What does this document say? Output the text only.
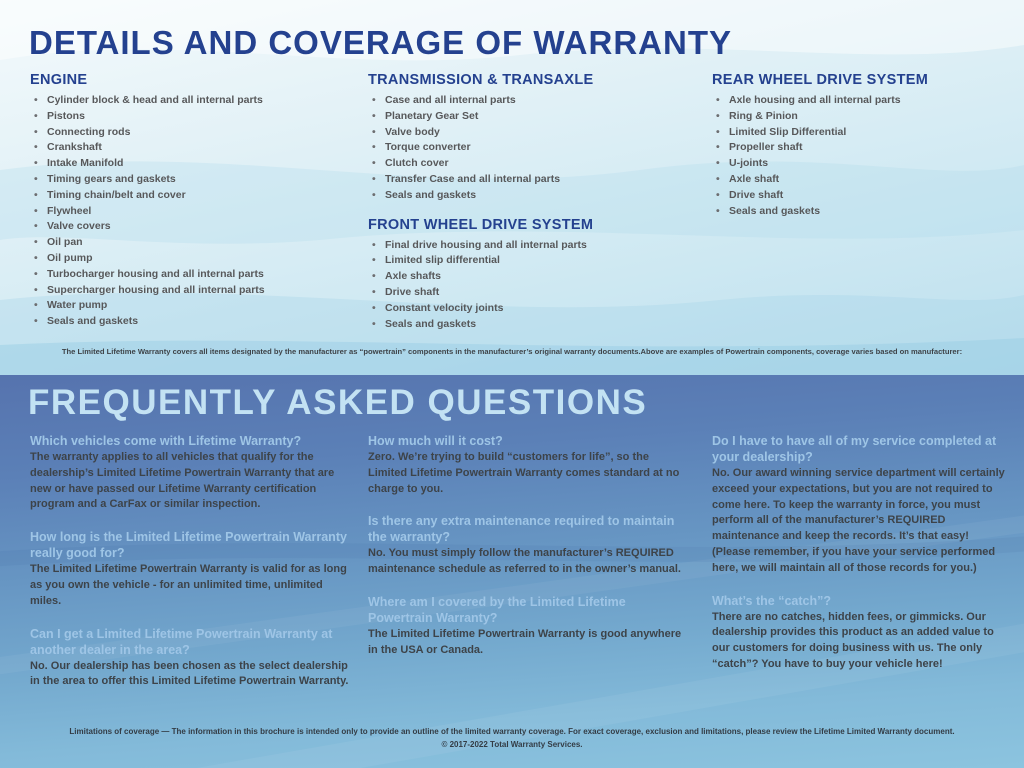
DETAILS AND COVERAGE OF WARRANTY
ENGINE
• Cylinder block & head and all internal parts
• Pistons
• Connecting rods
• Crankshaft
• Intake Manifold
• Timing gears and gaskets
• Timing chain/belt and cover
• Flywheel
• Valve covers
• Oil pan
• Oil pump
• Turbocharger housing and all internal parts
• Supercharger housing and all internal parts
• Water pump
• Seals and gaskets
TRANSMISSION & TRANSAXLE
• Case and all internal parts
• Planetary Gear Set
• Valve body
• Torque converter
• Clutch cover
• Transfer Case and all internal parts
• Seals and gaskets
FRONT WHEEL DRIVE SYSTEM
• Final drive housing and all internal parts
• Limited slip differential
• Axle shafts
• Drive shaft
• Constant velocity joints
• Seals and gaskets
REAR WHEEL DRIVE SYSTEM
• Axle housing and all internal parts
• Ring & Pinion
• Limited Slip Differential
• Propeller shaft
• U-joints
• Axle shaft
• Drive shaft
• Seals and gaskets
The Limited Lifetime Warranty covers all items designated by the manufacturer as “powertrain” components in the manufacturer’s original warranty documents.Above are examples of Powertrain components, coverage varies based on manufacturer:
FREQUENTLY ASKED QUESTIONS
Which vehicles come with Lifetime Warranty?
The warranty applies to all vehicles that qualify for the dealership’s Limited Lifetime Powertrain Warranty that are new or have passed our Lifetime Warranty certification program and a CarFax or similar inspection.
How long is the Limited Lifetime Powertrain Warranty really good for?
The Limited Lifetime Powertrain Warranty is valid for as long as you own the vehicle - for an unlimited time, unlimited miles.
Can I get a Limited Lifetime Powertrain Warranty at another dealer in the area?
No. Our dealership has been chosen as the select dealership in the area to offer this Limited Lifetime Powertrain Warranty.
How much will it cost?
Zero. We’re trying to build “customers for life”, so the Limited Lifetime Powertrain Warranty comes standard at no charge to you.
Is there any extra maintenance required to maintain the warranty?
No. You must simply follow the manufacturer’s REQUIRED maintenance schedule as referred to in the owner’s manual.
Where am I covered by the Limited Lifetime Powertrain Warranty?
The Limited Lifetime Powertrain Warranty is good anywhere in the USA or Canada.
Do I have to have all of my service completed at your dealership?
No. Our award winning service department will certainly exceed your expectations, but you are not required to come here. To keep the warranty in force, you must perform all of the manufacturer’s REQUIRED maintenance and keep the records. It’s that easy! (Please remember, if you have your service performed here, we will maintain all of those records for you.)
What’s the “catch”?
There are no catches, hidden fees, or gimmicks. Our dealership provides this product as an added value to our customers for doing business with us. The only “catch”? You have to buy your vehicle here!
Limitations of coverage — The information in this brochure is intended only to provide an outline of the limited warranty coverage. For exact coverage, exclusion and limitations, please review the Lifetime Limited Warranty document.
© 2017-2022 Total Warranty Services.
